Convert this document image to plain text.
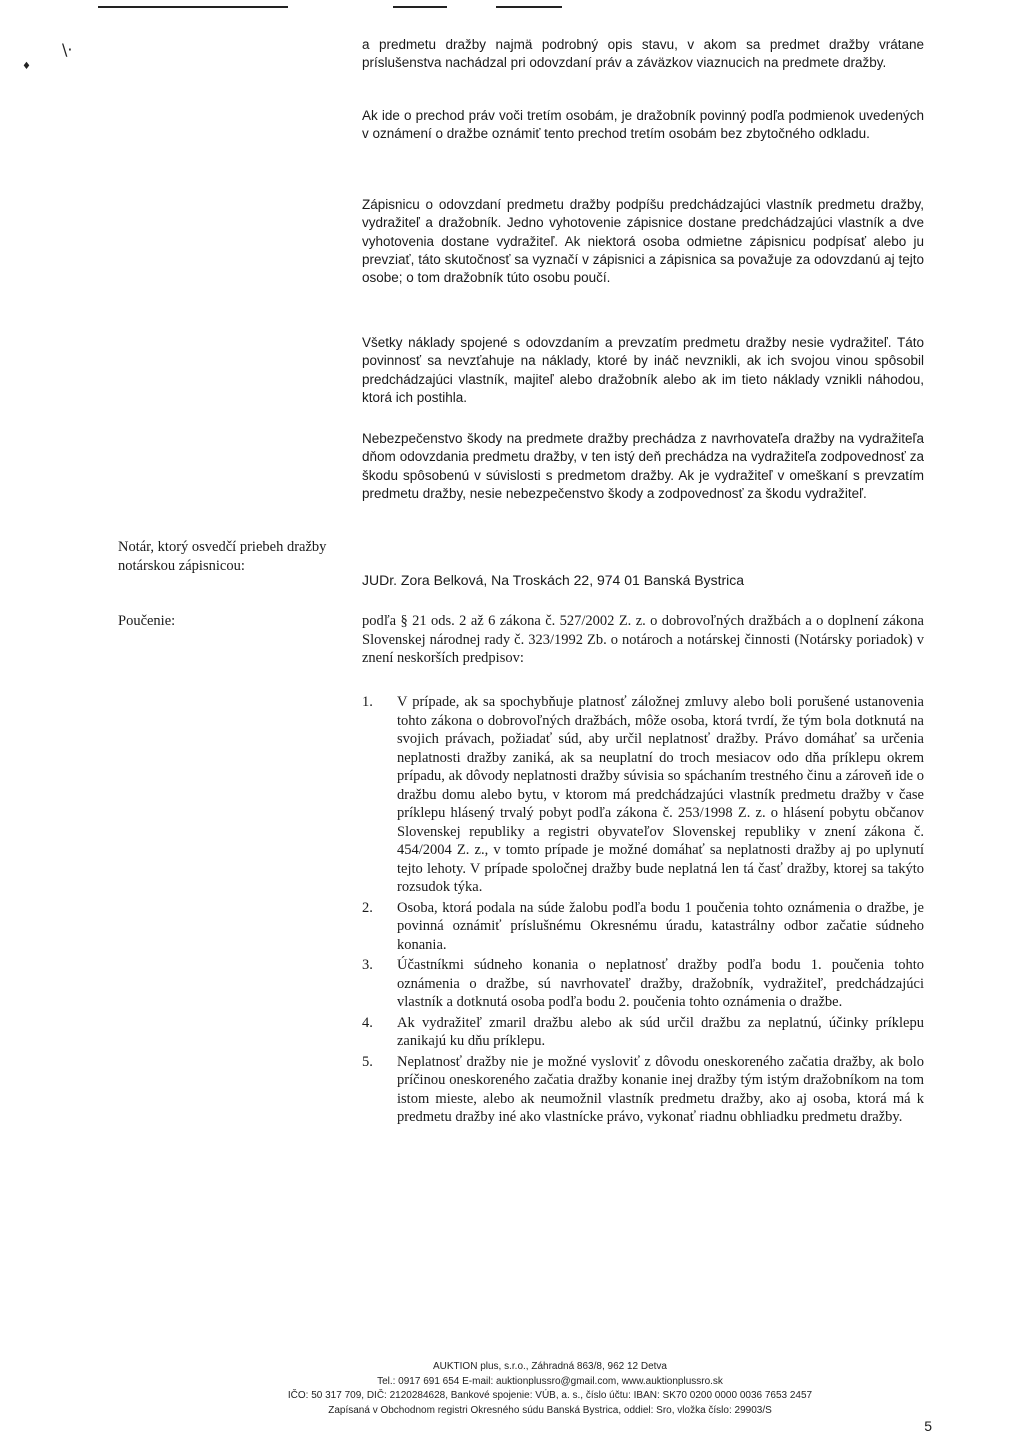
\·
♦

a predmetu dražby najmä podrobný opis stavu, v akom sa predmet dražby vrátane príslušenstva nachádzal pri odovzdaní práv a záväzkov viaznucich na predmete dražby.

Ak ide o prechod práv voči tretím osobám, je dražobník povinný podľa podmienok uvedených v oznámení o dražbe oznámiť tento prechod tretím osobám bez zbytočného odkladu.

Zápisnicu o odovzdaní predmetu dražby podpíšu predchádzajúci vlastník predmetu dražby, vydražiteľ a dražobník. Jedno vyhotovenie zápisnice dostane predchádzajúci vlastník a dve vyhotovenia dostane vydražiteľ. Ak niektorá osoba odmietne zápisnicu podpísať alebo ju prevziať, táto skutočnosť sa vyznačí v zápisnici a zápisnica sa považuje za odovzdanú aj tejto osobe; o tom dražobník túto osobu poučí.

Všetky náklady spojené s odovzdaním a prevzatím predmetu dražby nesie vydražiteľ. Táto povinnosť sa nevzťahuje na náklady, ktoré by ináč nevznikli, ak ich svojou vinou spôsobil predchádzajúci vlastník, majiteľ alebo dražobník alebo ak im tieto náklady vznikli náhodou, ktorá ich postihla.

Nebezpečenstvo škody na predmete dražby prechádza z navrhovateľa dražby na vydražiteľa dňom odovzdania predmetu dražby, v ten istý deň prechádza na vydražiteľa zodpovednosť za škodu spôsobenú v súvislosti s predmetom dražby. Ak je vydražiteľ v omeškaní s prevzatím predmetu dražby, nesie nebezpečenstvo škody a zodpovednosť za škodu vydražiteľ.

Notár, ktorý osvedčí priebeh dražby notárskou zápisnicou:
JUDr. Zora Belková, Na Troskách 22, 974 01 Banská Bystrica
Poučenie:	podľa § 21 ods. 2 až 6 zákona č. 527/2002 Z. z. o dobrovoľných dražbách a o doplnení zákona Slovenskej národnej rady č. 323/1992 Zb. o notároch a notárskej činnosti (Notársky poriadok) v znení neskorších predpisov:

1. V prípade, ak sa spochybňuje platnosť záložnej zmluvy alebo boli porušené ustanovenia tohto zákona o dobrovoľných dražbách, môže osoba, ktorá tvrdí, že tým bola dotknutá na svojich právach, požiadať súd, aby určil neplatnosť dražby. Právo domáhať sa určenia neplatnosti dražby zaniká, ak sa neuplatní do troch mesiacov odo dňa príklepu okrem prípadu, ak dôvody neplatnosti dražby súvisia so spáchaním trestného činu a zároveň ide o dražbu domu alebo bytu, v ktorom má predchádzajúci vlastník predmetu dražby v čase príklepu hlásený trvalý pobyt podľa zákona č. 253/1998 Z. z. o hlásení pobytu občanov Slovenskej republiky a registri obyvateľov Slovenskej republiky v znení zákona č. 454/2004 Z. z., v tomto prípade je možné domáhať sa neplatnosti dražby aj po uplynutí tejto lehoty. V prípade spoločnej dražby bude neplatná len tá časť dražby, ktorej sa takýto rozsudok týka.
2. Osoba, ktorá podala na súde žalobu podľa bodu 1 poučenia tohto oznámenia o dražbe, je povinná oznámiť príslušnému Okresnému úradu, katastrálny odbor začatie súdneho konania.
3. Účastníkmi súdneho konania o neplatnosť dražby podľa bodu 1. poučenia tohto oznámenia o dražbe, sú navrhovateľ dražby, dražobník, vydražiteľ, predchádzajúci vlastník a dotknutá osoba podľa bodu 2. poučenia tohto oznámenia o dražbe.
4. Ak vydražiteľ zmaril dražbu alebo ak súd určil dražbu za neplatnú, účinky príklepu zanikajú ku dňu príklepu.
5. Neplatnosť dražby nie je možné vysloviť z dôvodu oneskoreného začatia dražby, ak bolo príčinou oneskoreného začatia dražby konanie inej dražby tým istým dražobníkom na tom istom mieste, alebo ak neumožnil vlastník predmetu dražby, ako aj osoba, ktorá má k predmetu dražby iné ako vlastnícke právo, vykonať riadnu obhliadku predmetu dražby.
AUKTION plus, s.r.o., Záhradná 863/8, 962 12 Detva
Tel.: 0917 691 654 E-mail: auktionplussro@gmail.com, www.auktionplussro.sk
IČO: 50 317 709, DIČ: 2120284628, Bankové spojenie: VÚB, a. s., číslo účtu: IBAN: SK70 0200 0000 0036 7653 2457
Zapísaná v Obchodnom registri Okresného súdu Banská Bystrica, oddiel: Sro, vložka číslo: 29903/S
5
